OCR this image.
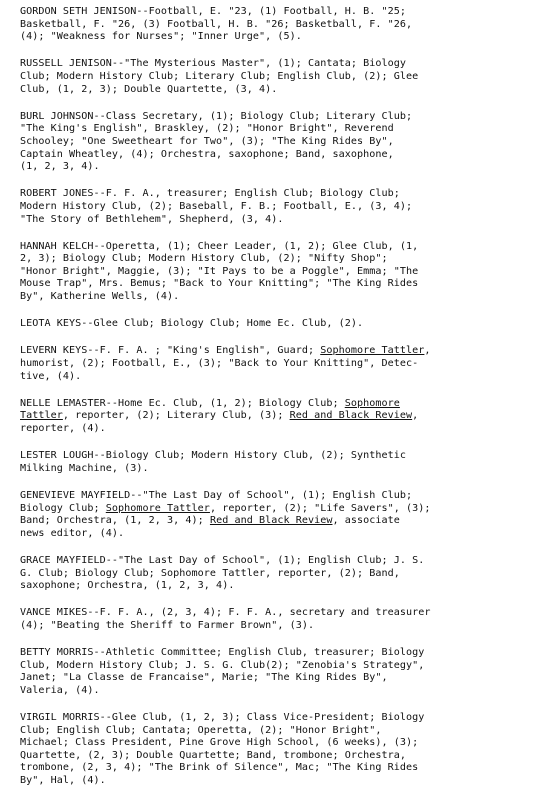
GORDON SETH JENISON--Football, E. "23, (1) Football, H. B. "25;
Basketball, F. "26, (3) Football, H. B. "26; Basketball, F. "26,
(4); "Weakness for Nurses"; "Inner Urge", (5).
RUSSELL JENISON--"The Mysterious Master", (1); Cantata; Biology
Club; Modern History Club; Literary Club; English Club, (2); Glee
Club, (1, 2, 3); Double Quartette, (3, 4).
BURL JOHNSON--Class Secretary, (1); Biology Club; Literary Club;
"The King's English", Braskley, (2); "Honor Bright", Reverend
Schooley; "One Sweetheart for Two", (3); "The King Rides By",
Captain Wheatley, (4); Orchestra, saxophone; Band, saxophone,
(1, 2, 3, 4).
ROBERT JONES--F. F. A., treasurer; English Club; Biology Club;
Modern History Club, (2); Baseball, F. B.; Football, E., (3, 4);
"The Story of Bethlehem", Shepherd, (3, 4).
HANNAH KELCH--Operetta, (1); Cheer Leader, (1, 2); Glee Club, (1,
2, 3); Biology Club; Modern History Club, (2); "Nifty Shop";
"Honor Bright", Maggie, (3); "It Pays to be a Poggle", Emma; "The
Mouse Trap", Mrs. Bemus; "Back to Your Knitting"; "The King Rides
By", Katherine Wells, (4).
LEOTA KEYS--Glee Club; Biology Club; Home Ec. Club, (2).
LEVERN KEYS--F. F. A. ; "King's English", Guard; Sophomore Tattler,
humorist, (2); Football, E., (3); "Back to Your Knitting", Detec-
tive, (4).
NELLE LEMASTER--Home Ec. Club, (1, 2); Biology Club; Sophomore
Tattler, reporter, (2); Literary Club, (3); Red and Black Review,
reporter, (4).
LESTER LOUGH--Biology Club; Modern History Club, (2); Synthetic
Milking Machine, (3).
GENEVIEVE MAYFIELD--"The Last Day of School", (1); English Club;
Biology Club; Sophomore Tattler, reporter, (2); "Life Savers", (3);
Band; Orchestra, (1, 2, 3, 4); Red and Black Review, associate
news editor, (4).
GRACE MAYFIELD--"The Last Day of School", (1); English Club; J. S.
G. Club; Biology Club; Sophomore Tattler, reporter, (2); Band,
saxophone; Orchestra, (1, 2, 3, 4).
VANCE MIKES--F. F. A., (2, 3, 4); F. F. A., secretary and treasurer
(4); "Beating the Sheriff to Farmer Brown", (3).
BETTY MORRIS--Athletic Committee; English Club, treasurer; Biology
Club, Modern History Club; J. S. G. Club(2); "Zenobia's Strategy",
Janet; "La Classe de Francaise", Marie; "The King Rides By",
Valeria, (4).
VIRGIL MORRIS--Glee Club, (1, 2, 3); Class Vice-President; Biology
Club; English Club; Cantata; Operetta, (2); "Honor Bright",
Michael; Class President, Pine Grove High School, (6 weeks), (3);
Quartette, (2, 3); Double Quartette; Band, trombone; Orchestra,
trombone, (2, 3, 4); "The Brink of Silence", Mac; "The King Rides
By", Hal, (4).
